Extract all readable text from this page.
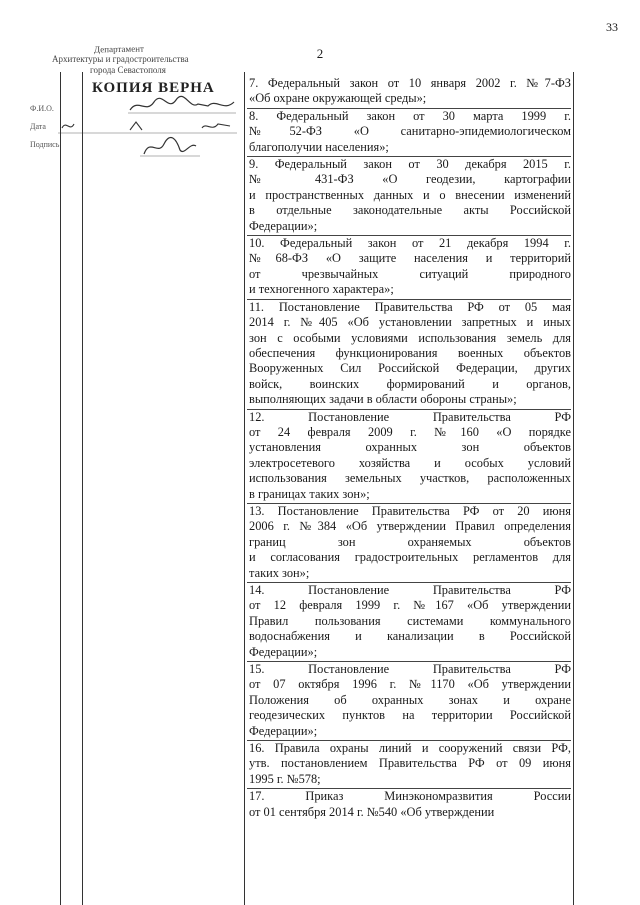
33
2
Департамент
Архитектуры и градостроительства
города Севастополя
КОПИЯ ВЕРНА
Ф.И.О.
Дата
Подпись
7. Федеральный закон от 10 января 2002 г. №7-ФЗ
«Об охране окружающей среды»;
8. Федеральный закон от 30 марта 1999 г.
№52-ФЗ «О санитарно-эпидемиологическом
благополучии населения»;
9. Федеральный закон от 30 декабря 2015 г.
№ 431-ФЗ «О геодезии, картографии
и пространственных данных и о внесении изменений
в отдельные законодательные акты Российской
Федерации»;
10. Федеральный закон от 21 декабря 1994 г.
№68-ФЗ «О защите населения и территорий
от чрезвычайных ситуаций природного
и техногенного характера»;
11. Постановление Правительства РФ от 05 мая
2014 г. №405 «Об установлении запретных и иных
зон с особыми условиями использования земель для
обеспечения функционирования военных объектов
Вооруженных Сил Российской Федерации, других
войск, воинских формирований и органов,
выполняющих задачи в области обороны страны»;
12. Постановление Правительства РФ
от 24 февраля 2009 г. №160 «О порядке
установления охранных зон объектов
электросетевого хозяйства и особых условий
использования земельных участков, расположенных
в границах таких зон»;
13. Постановление Правительства РФ от 20 июня
2006 г. №384 «Об утверждении Правил определения
границ зон охраняемых объектов
и согласования градостроительных регламентов для
таких зон»;
14. Постановление Правительства РФ
от 12 февраля 1999 г. №167 «Об утверждении
Правил пользования системами коммунального
водоснабжения и канализации в Российской
Федерации»;
15. Постановление Правительства РФ
от 07 октября 1996 г. №1170 «Об утверждении
Положения об охранных зонах и охране
геодезических пунктов на территории Российской
Федерации»;
16. Правила охраны линий и сооружений связи РФ,
утв. постановлением Правительства РФ от 09 июня
1995 г. №578;
17. Приказ Минэкономразвития России
от 01 сентября 2014 г. №540 «Об утверждении
